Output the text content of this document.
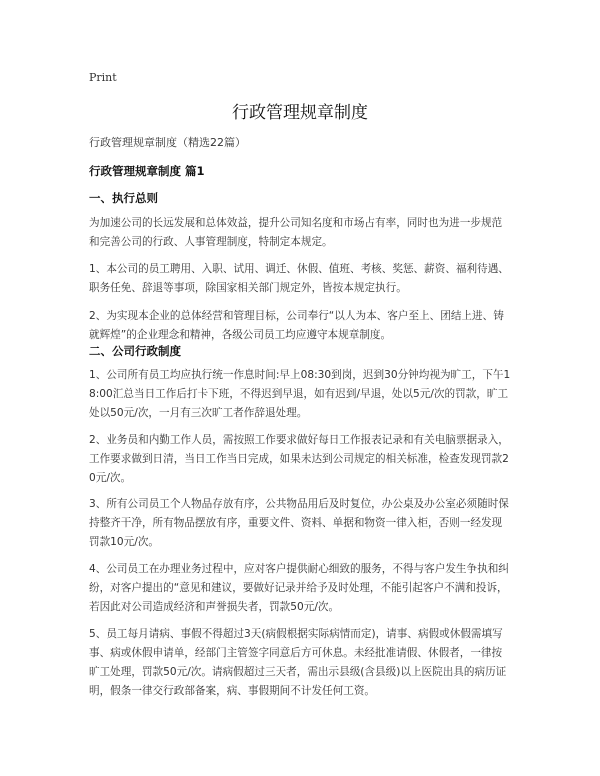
Print
行政管理规章制度
行政管理规章制度（精选22篇）
行政管理规章制度 篇1
一、执行总则

为加速公司的长远发展和总体效益，提升公司知名度和市场占有率，同时也为进一步规范和完善公司的行政、人事管理制度，特制定本规定。

1、本公司的员工聘用、入职、试用、调迁、休假、值班、考核、奖惩、薪资、福利待遇、职务任免、辞退等事项，除国家相关部门规定外，皆按本规定执行。

2、为实现本企业的总体经营和管理目标，公司奉行“以人为本、客户至上、团结上进、铸就辉煌”的企业理念和精神，各级公司员工均应遵守本规章制度。

二、公司行政制度

1、公司所有员工均应执行统一作息时间:早上08:30到岗，迟到30分钟均视为旷工，下午18:00汇总当日工作后打卡下班，不得迟到早退，如有迟到/早退，处以5元/次的罚款，旷工处以50元/次，一月有三次旷工者作辞退处理。

2、业务员和内勤工作人员，需按照工作要求做好每日工作报表记录和有关电脑票据录入，工作要求做到日清，当日工作当日完成，如果未达到公司规定的相关标准，检查发现罚款20元/次。

3、所有公司员工个人物品存放有序，公共物品用后及时复位，办公桌及办公室必须随时保持整齐干净，所有物品摆放有序，重要文件、资料、单据和物资一律入柜，否则一经发现罚款10元/次。

4、公司员工在办理业务过程中，应对客户提供耐心细致的服务，不得与客户发生争执和纠纷，对客户提出的“意见和建议，要做好记录并给予及时处理，不能引起客户不满和投诉，若因此对公司造成经济和声誉损失者，罚款50元/次。

5、员工每月请病、事假不得超过3天(病假根据实际病情而定)，请事、病假或休假需填写事、病或休假申请单，经部门主管签字同意后方可休息。未经批准请假、休假者，一律按旷工处理，罚款50元/次。请病假超过三天者，需出示县级(含县级)以上医院出具的病历证明，假条一律交行政部备案，病、事假期间不计发任何工资。
